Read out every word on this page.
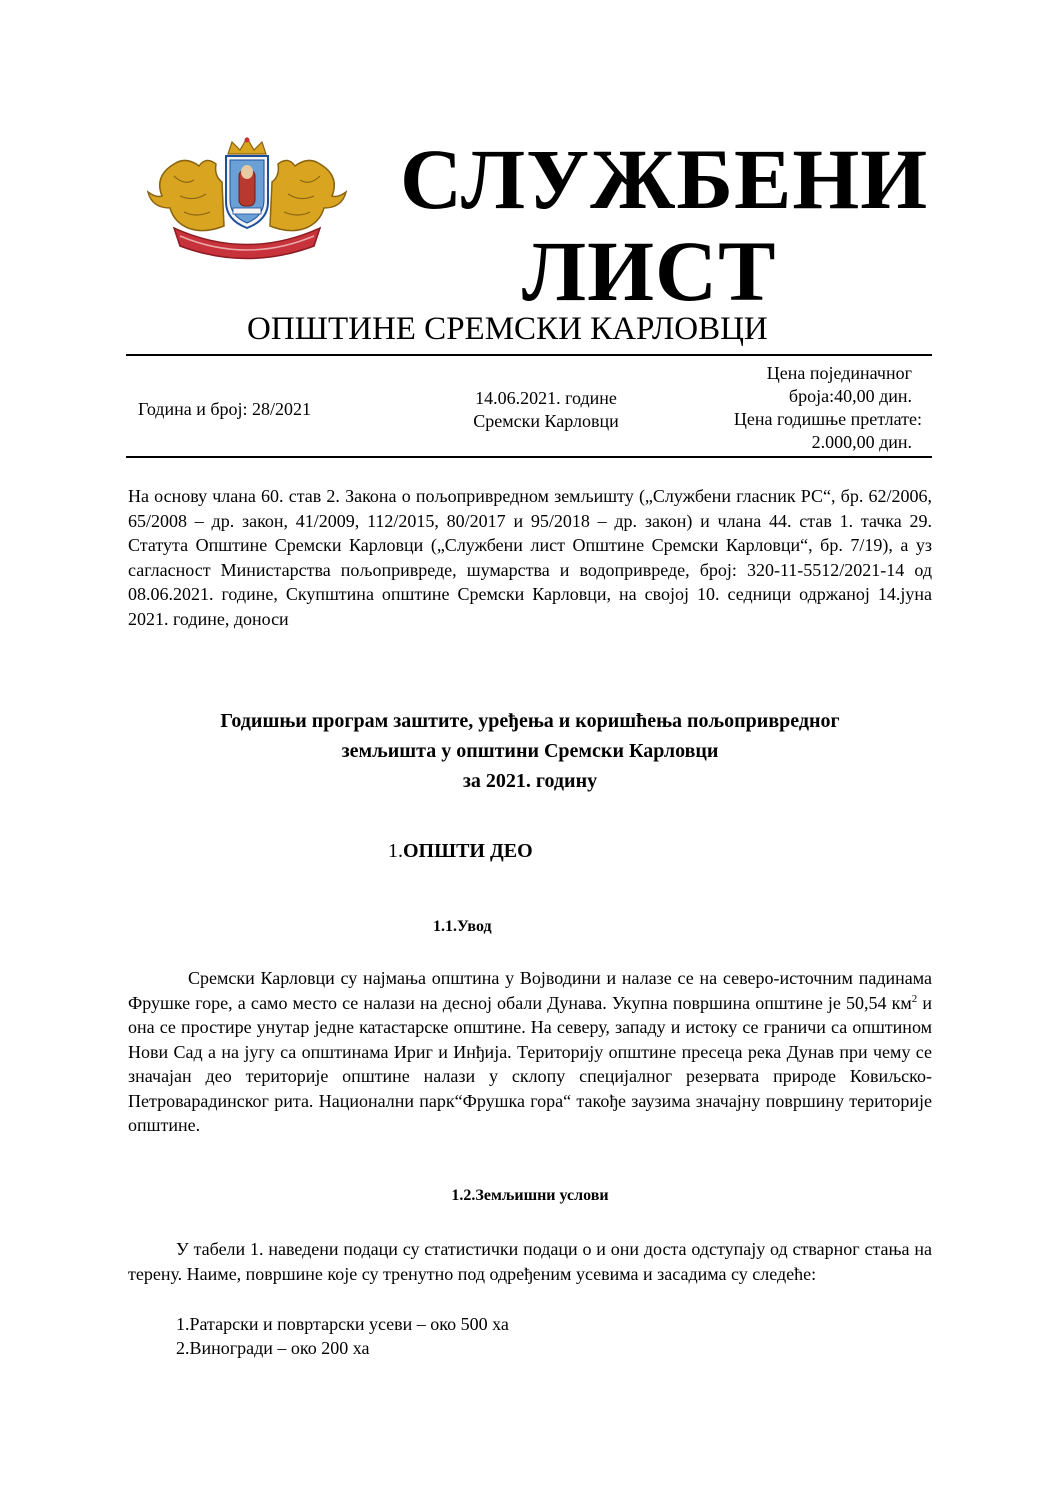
СЛУЖБЕНИ
ЛИСТ
ОПШТИНЕ СРЕМСКИ КАРЛОВЦИ
Година и број: 28/2021
14.06.2021. године
Сремски Карловци
Цена појединачног
броја:40,00 дин.
Цена годишње претлате:
2.000,00 дин.
На основу члана 60. став 2. Закона о пољопривредном земљишту („Службени гласник РС“, бр. 62/2006, 65/2008 – др. закон, 41/2009, 112/2015, 80/2017 и 95/2018 – др. закон) и члана 44. став 1. тачка 29. Статута Општине Сремски Карловци („Службени лист Општине Сремски Карловци“, бр. 7/19), а уз сагласност Министарства пољопривреде, шумарства и водопривреде, број: 320-11-5512/2021-14 од 08.06.2021. године, Скупштина општине Сремски Карловци, на својој 10. седници одржаној 14.јуна 2021. године, доноси
Годишњи програм заштите, уређења и коришћења пољопривредног
земљишта у општини Сремски Карловци
за 2021. годину
1.ОПШТИ ДЕО
1.1.Увод
Сремски Карловци су најмања општина у Војводини и налазе се на северо-источним падинама Фрушке горе, а само место се налази на десној обали Дунава. Укупна површина општине је 50,54 $км^2$ и она се простире унутар једне катастарске општине. На северу, западу и истоку се граничи са општином Нови Сад а на југу са општинама Ириг и Инђија. Територију општине пресеца река Дунав при чему се значајан део територије општине налази у склопу специјалног резервата природе Ковиљско-Петроварадинског рита. Национални парк“Фрушка гора“ такође заузима значајну површину територије општине.
1.2.Земљишни услови
У табели 1. наведени подаци су статистички подаци о и они доста одступају од стварног стања на терену. Наиме, површине које су тренутно под одређеним усевима и засадима су следеће:
1.Ратарски и повртарски усеви – око 500 ха
2.Виногради – око 200 ха
